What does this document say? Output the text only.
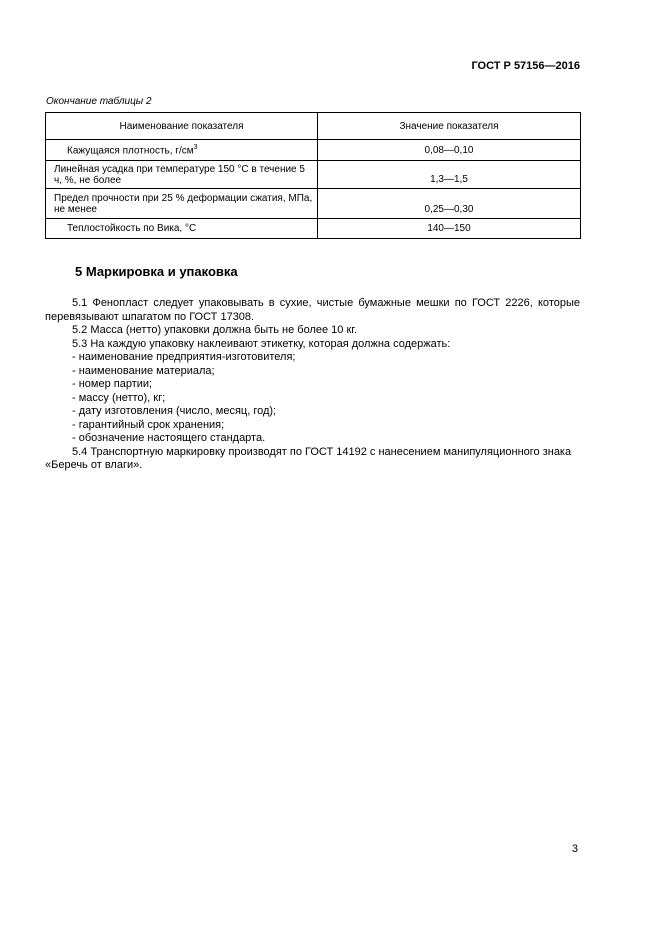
ГОСТ Р 57156—2016

Окончание таблицы 2

Наименование показателя	Значение показателя
Кажущаяся плотность, $г/см^3$	0,08—0,10
Линейная усадка при температуре 150 °С в течение 5 ч, %, не более	1,3—1,5
Предел прочности при 25 % деформации сжатия, МПа, не менее	0,25—0,30
Теплостойкость по Вика, °С	140—150
5 Маркировка и упаковка

5.1 Фенопласт следует упаковывать в сухие, чистые бумажные мешки по ГОСТ 2226, которые перевязывают шпагатом по ГОСТ 17308.

5.2 Масса (нетто) упаковки должна быть не более 10 кг.

5.3 На каждую упаковку наклеивают этикетку, которая должна содержать:

- наименование предприятия-изготовителя;

- наименование материала;

- номер партии;

- массу (нетто), кг;

- дату изготовления (число, месяц, год);

- гарантийный срок хранения;

- обозначение настоящего стандарта.

5.4 Транспортную маркировку производят по ГОСТ 14192 с нанесением манипуляционного знака «Беречь от влаги».

3
